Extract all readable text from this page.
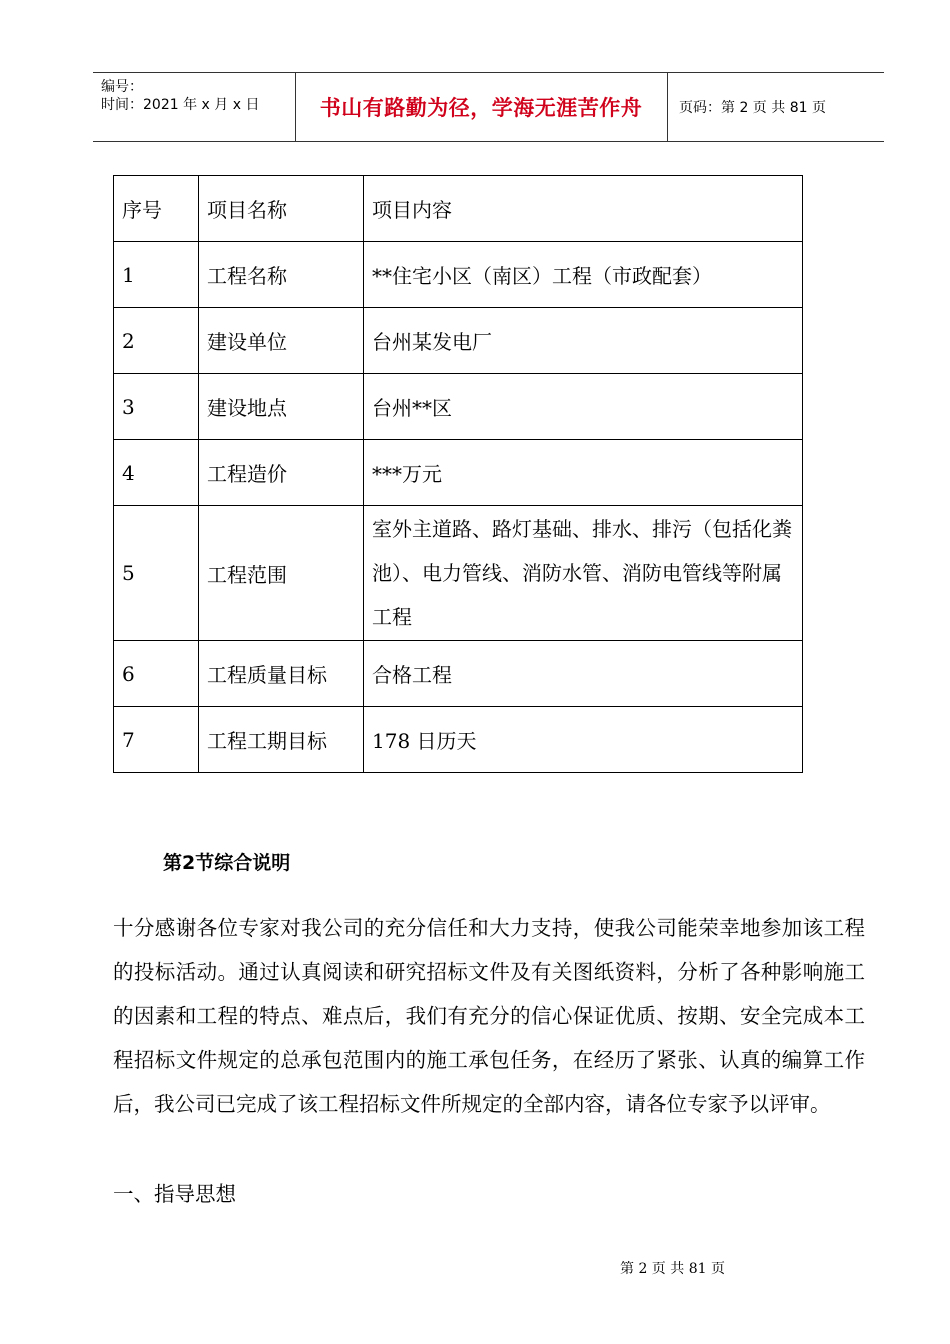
编号：
时间：2021 年 x 月 x 日	书山有路勤为径，学海无涯苦作舟	页码：第 2 页 共 81 页
序号	项目名称	项目内容
1	工程名称	**住宅小区（南区）工程（市政配套）
2	建设单位	台州某发电厂
3	建设地点	台州**区
4	工程造价	***万元
5	工程范围	室外主道路、路灯基础、排水、排污（包括化粪池）、电力管线、消防水管、消防电管线等附属工程
6	工程质量目标	合格工程
7	工程工期目标	178 日历天
第2节综合说明
十分感谢各位专家对我公司的充分信任和大力支持，使我公司能荣幸地参加该工程的投标活动。通过认真阅读和研究招标文件及有关图纸资料，分析了各种影响施工的因素和工程的特点、难点后，我们有充分的信心保证优质、按期、安全完成本工程招标文件规定的总承包范围内的施工承包任务，在经历了紧张、认真的编算工作后，我公司已完成了该工程招标文件所规定的全部内容，请各位专家予以评审。
一、指导思想
第 2 页 共 81 页
